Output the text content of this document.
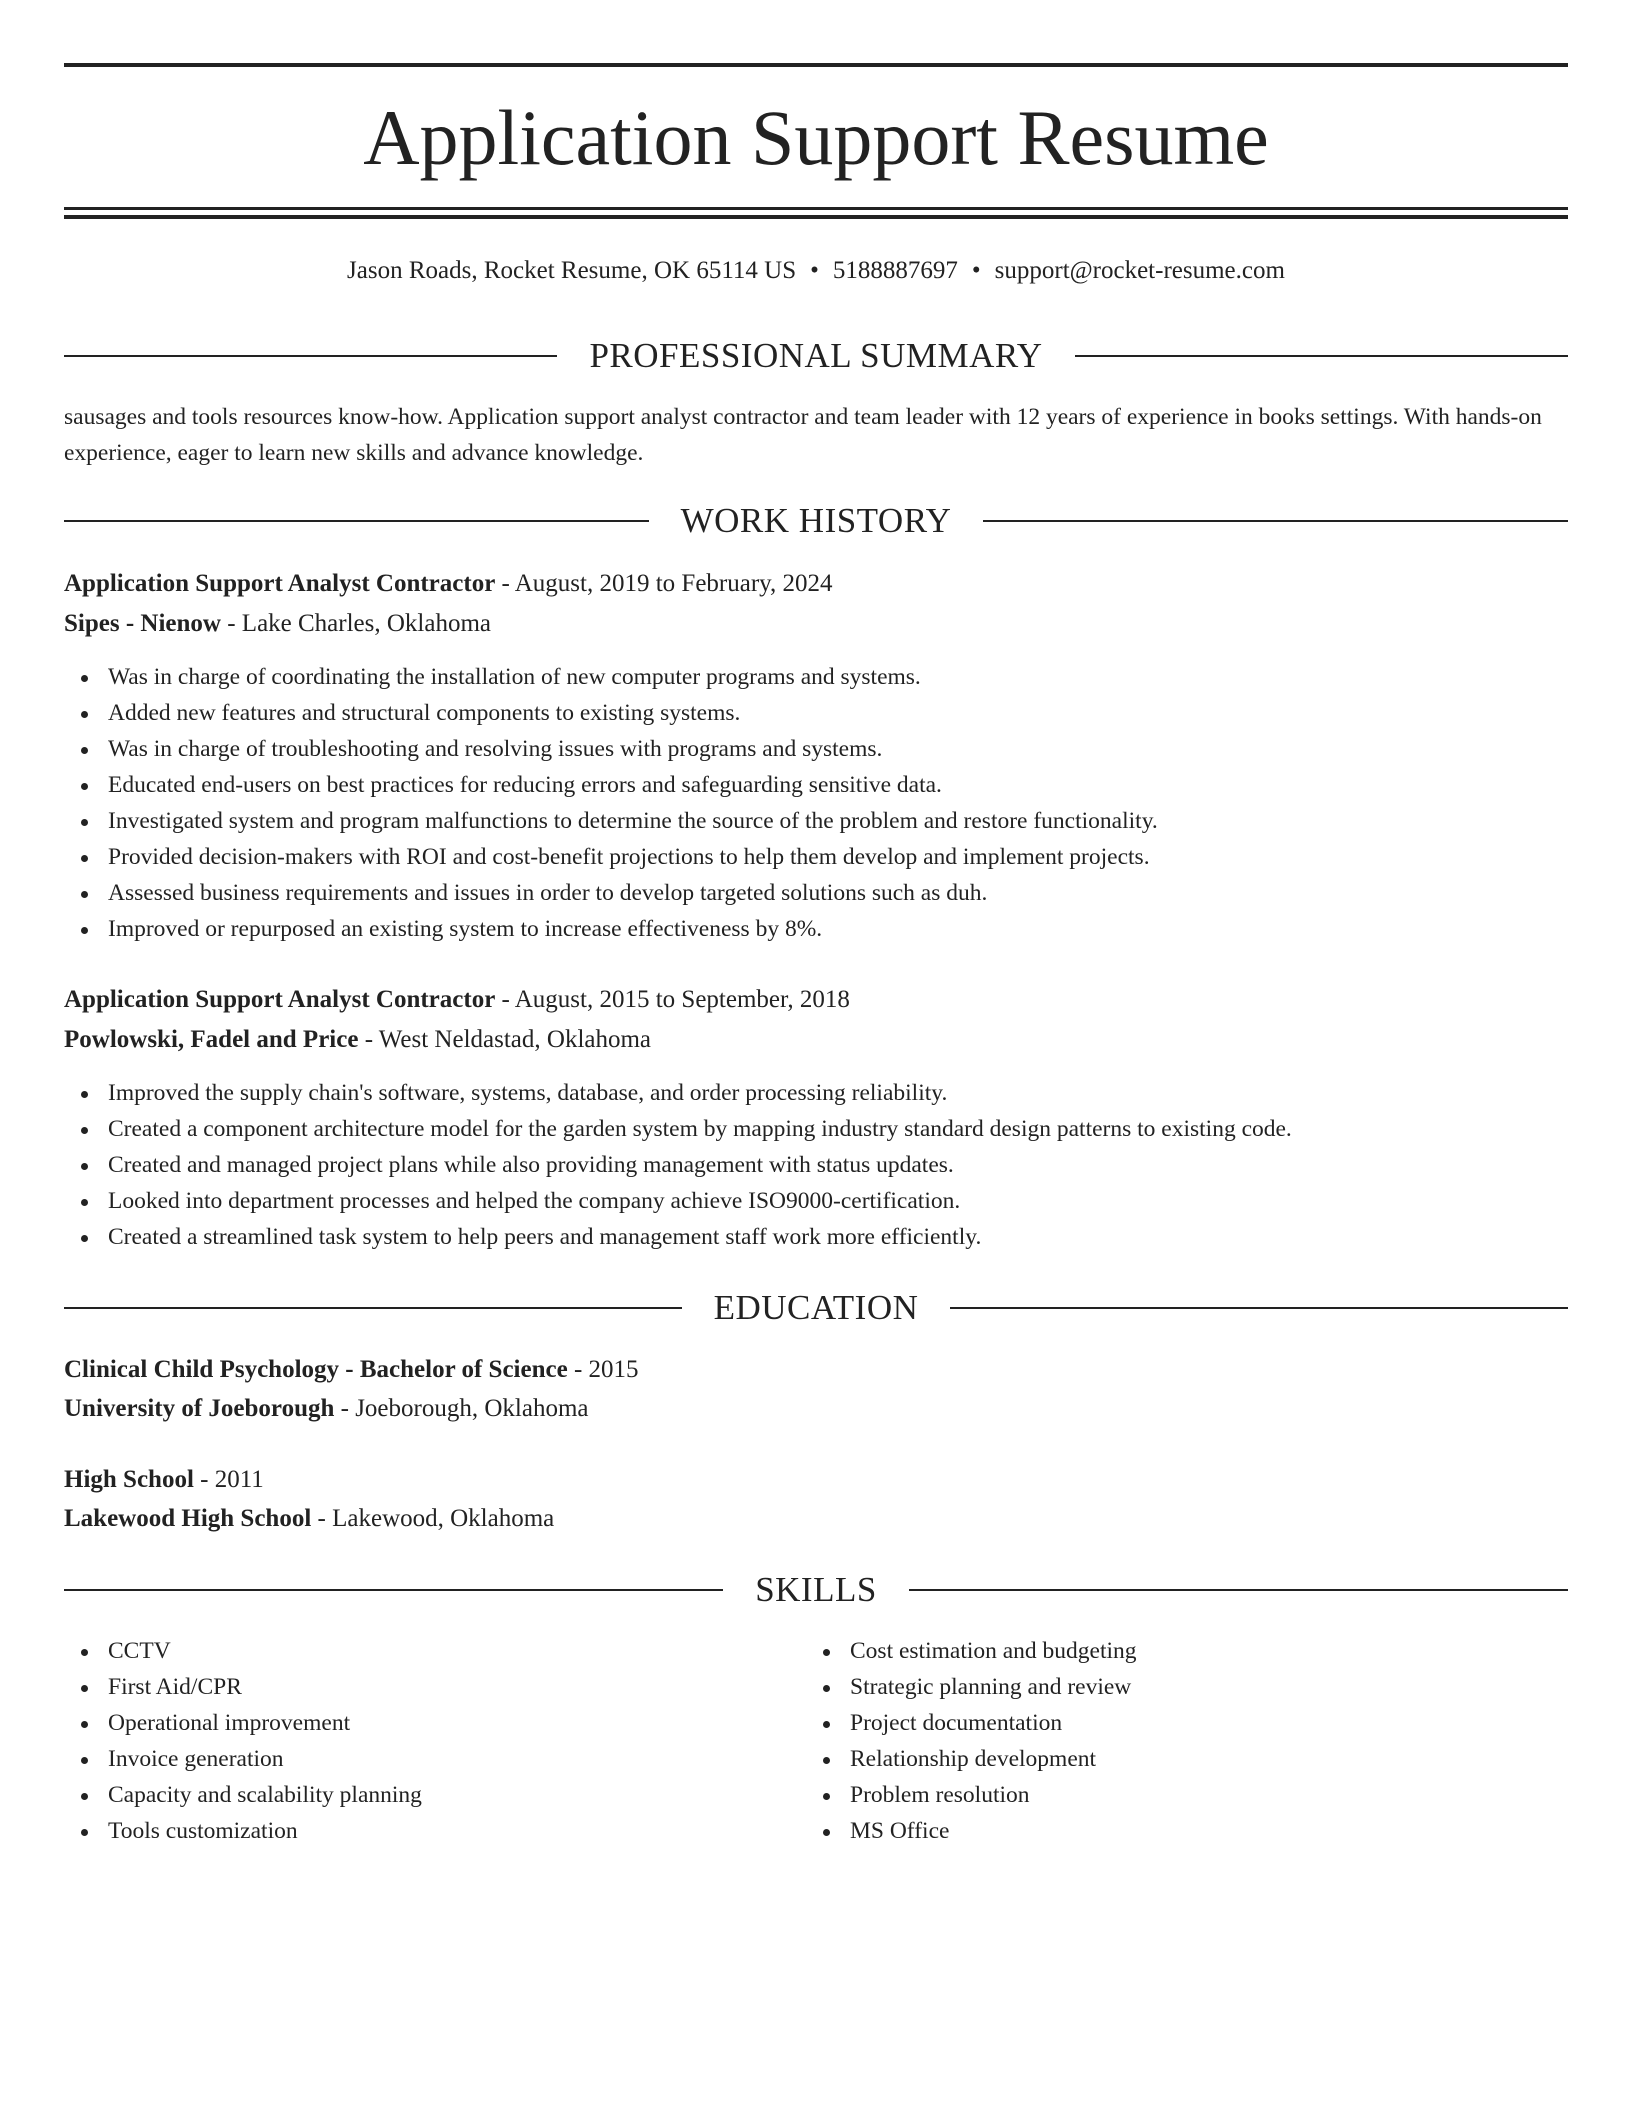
Application Support Resume
Jason Roads, Rocket Resume, OK 65114 US • 5188887697 • support@rocket-resume.com
PROFESSIONAL SUMMARY
sausages and tools resources know-how. Application support analyst contractor and team leader with 12 years of experience in books settings. With hands-on experience, eager to learn new skills and advance knowledge.
WORK HISTORY
Application Support Analyst Contractor - August, 2019 to February, 2024
Sipes - Nienow - Lake Charles, Oklahoma
Was in charge of coordinating the installation of new computer programs and systems.
Added new features and structural components to existing systems.
Was in charge of troubleshooting and resolving issues with programs and systems.
Educated end-users on best practices for reducing errors and safeguarding sensitive data.
Investigated system and program malfunctions to determine the source of the problem and restore functionality.
Provided decision-makers with ROI and cost-benefit projections to help them develop and implement projects.
Assessed business requirements and issues in order to develop targeted solutions such as duh.
Improved or repurposed an existing system to increase effectiveness by 8%.
Application Support Analyst Contractor - August, 2015 to September, 2018
Powlowski, Fadel and Price - West Neldastad, Oklahoma
Improved the supply chain's software, systems, database, and order processing reliability.
Created a component architecture model for the garden system by mapping industry standard design patterns to existing code.
Created and managed project plans while also providing management with status updates.
Looked into department processes and helped the company achieve ISO9000-certification.
Created a streamlined task system to help peers and management staff work more efficiently.
EDUCATION
Clinical Child Psychology - Bachelor of Science - 2015
University of Joeborough - Joeborough, Oklahoma
High School - 2011
Lakewood High School - Lakewood, Oklahoma
SKILLS
CCTV
First Aid/CPR
Operational improvement
Invoice generation
Capacity and scalability planning
Tools customization
Cost estimation and budgeting
Strategic planning and review
Project documentation
Relationship development
Problem resolution
MS Office
